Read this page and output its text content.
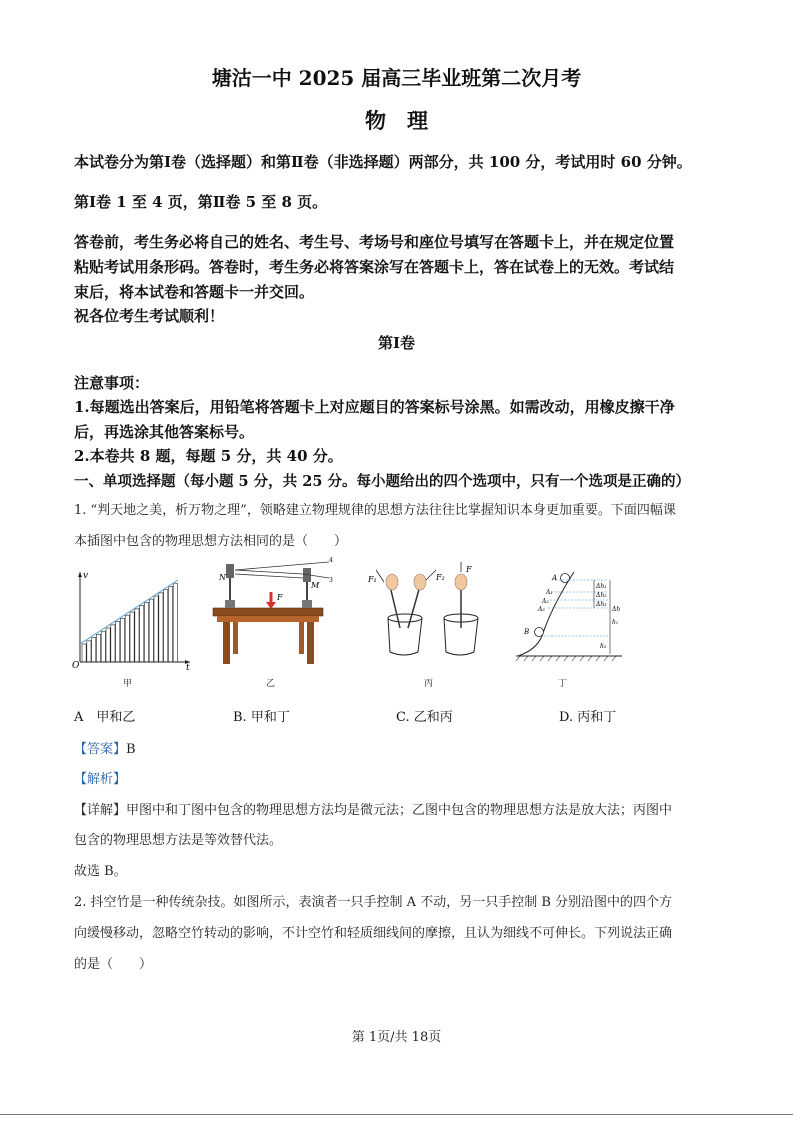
塘沽一中 2025 届高三毕业班第二次月考
物　理
本试卷分为第Ⅰ卷（选择题）和第Ⅱ卷（非选择题）两部分，共 100 分，考试用时 60 分钟。
第Ⅰ卷 1 至 4 页，第Ⅱ卷 5 至 8 页。
答卷前，考生务必将自己的姓名、考生号、考场号和座位号填写在答题卡上，并在规定位置
粘贴考试用条形码。答卷时，考生务必将答案涂写在答题卡上，答在试卷上的无效。考试结
束后，将本试卷和答题卡一并交回。
祝各位考生考试顺利！
第Ⅰ卷
注意事项：
1.每题选出答案后，用铅笔将答题卡上对应题目的答案标号涂黑。如需改动，用橡皮擦干净
后，再选涂其他答案标号。
2.本卷共 8 题，每题 5 分，共 40 分。
一、单项选择题（每小题 5 分，共 25 分。每小题给出的四个选项中，只有一个选项是正确的）
1. “判天地之美，析万物之理”，领略建立物理规律的思想方法往往比掌握知识本身更加重要。下面四幅课
本插图中包含的物理思想方法相同的是（　　）
v
t
O
N
M
F
4
3	F₁	F₂
F
A
A₁
A₂
A₃
B
Δh₁
Δh₂
Δh₃
Δh
h₁
h₂
甲	乙	丙	丁
A　甲和乙	B. 甲和丁	C. 乙和丙	D. 丙和丁
【答案】B
【解析】
【详解】甲图中和丁图中包含的物理思想方法均是微元法；乙图中包含的物理思想方法是放大法；丙图中
包含的物理思想方法是等效替代法。
故选 B。
2. 抖空竹是一种传统杂技。如图所示，表演者一只手控制 A 不动，另一只手控制 B 分别沿图中的四个方
向缓慢移动，忽略空竹转动的影响，不计空竹和轻质细线间的摩擦，且认为细线不可伸长。下列说法正确
的是（　　）
第 1页/共 18页
